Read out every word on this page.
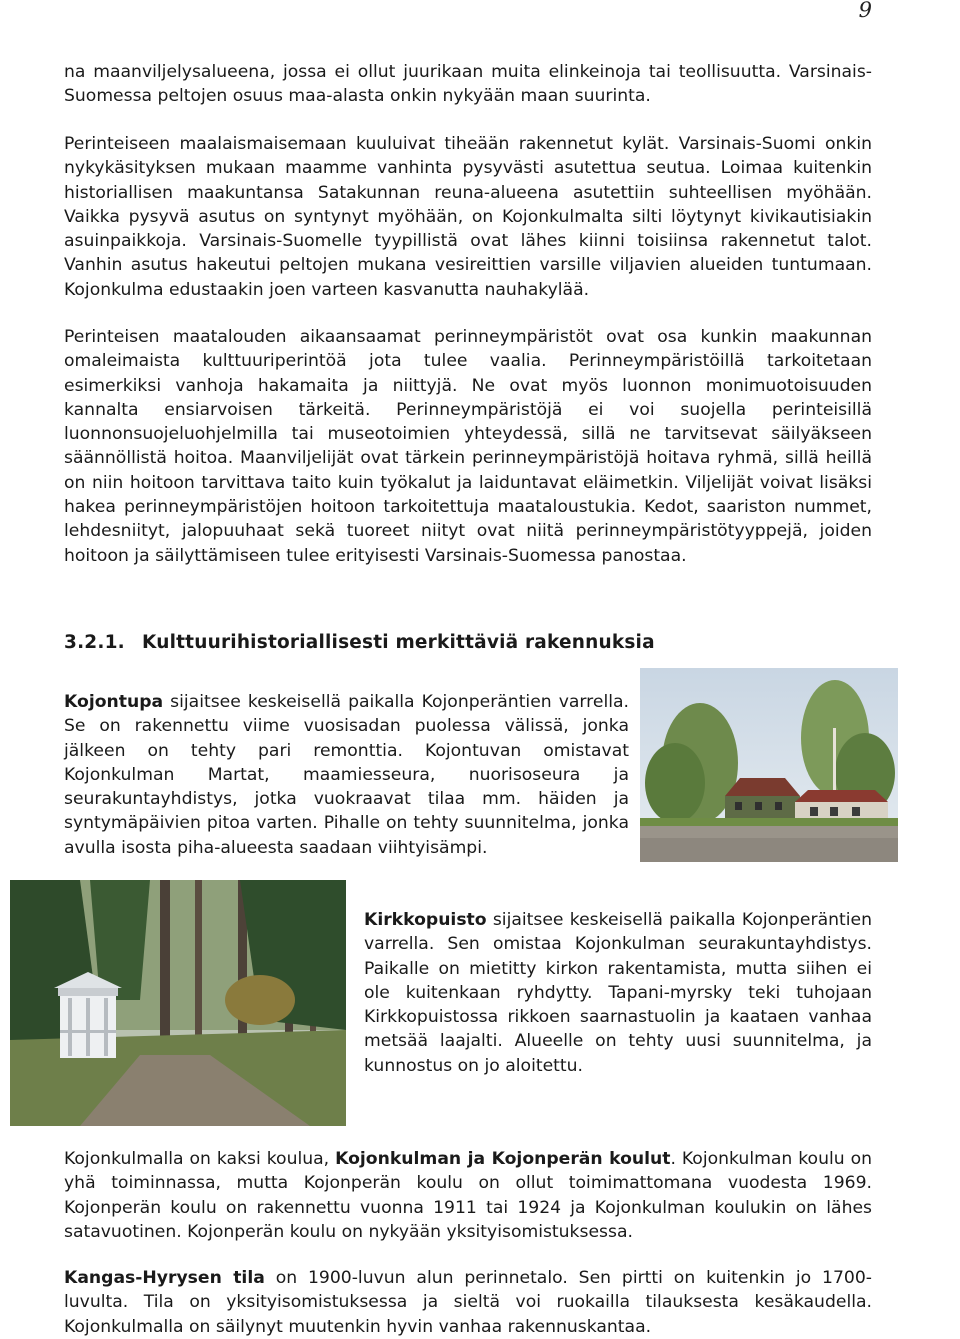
9

na maanviljelysalueena, jossa ei ollut juurikaan muita elinkeinoja tai teollisuutta. Varsinais-Suomessa peltojen osuus maa-alasta onkin nykyään maan suurinta.

Perinteiseen maalaismaisemaan kuuluivat tiheään rakennetut kylät. Varsinais-Suomi onkin nykykäsityksen mukaan maamme vanhinta pysyvästi asutettua seutua. Loimaa kuitenkin historiallisen maakuntansa Satakunnan reuna-alueena asutettiin suhteellisen myöhään. Vaikka pysyvä asutus on syntynyt myöhään, on Kojonkulmalta silti löytynyt kivikautisiakin asuinpaikkoja. Varsinais-Suomelle tyypillistä ovat lähes kiinni toisiinsa rakennetut talot. Vanhin asutus hakeutui peltojen mukana vesireittien varsille viljavien alueiden tuntumaan. Kojonkulma edustaakin joen varteen kasvanutta nauhakylää.

Perinteisen maatalouden aikaansaamat perinneympäristöt ovat osa kunkin maakunnan omaleimaista kulttuuriperintöä jota tulee vaalia. Perinneympäristöillä tarkoitetaan esimerkiksi vanhoja hakamaita ja niittyjä. Ne ovat myös luonnon monimuotoisuuden kannalta ensiarvoisen tärkeitä. Perinneympäristöjä ei voi suojella perinteisillä luonnonsuojeluohjelmilla tai museotoimien yhteydessä, sillä ne tarvitsevat säilyäkseen säännöllistä hoitoa. Maanviljelijät ovat tärkein perinneympäristöjä hoitava ryhmä, sillä heillä on niin hoitoon tarvittava taito kuin työkalut ja laiduntavat eläimetkin. Viljelijät voivat lisäksi hakea perinneympäristöjen hoitoon tarkoitettuja maataloustukia. Kedot, saariston nummet, lehdesniityt, jalopuuhaat sekä tuoreet niityt ovat niitä perinneympäristötyyppejä, joiden hoitoon ja säilyttämiseen tulee erityisesti Varsinais-Suomessa panostaa.

3.2.1. Kulttuurihistoriallisesti merkittäviä rakennuksia

Kojontupa sijaitsee keskeisellä paikalla Kojonperäntien varrella. Se on rakennettu viime vuosisadan puolessa välissä, jonka jälkeen on tehty pari remonttia. Kojontuvan omistavat Kojonkulman Martat, maamiesseura, nuorisoseura ja seurakuntayhdistys, jotka vuokraavat tilaa mm. häiden ja syntymäpäivien pitoa varten. Pihalle on tehty suunnitelma, jonka avulla isosta piha-alueesta saadaan viihtyisämpi.

Kirkkopuisto sijaitsee keskeisellä paikalla Kojonperäntien varrella. Sen omistaa Kojonkulman seurakuntayhdistys. Paikalle on mietitty kirkon rakentamista, mutta siihen ei ole kuitenkaan ryhdytty. Tapani-myrsky teki tuhojaan Kirkkopuistossa rikkoen saarnastuolin ja kaataen vanhaa metsää laajalti. Alueelle on tehty uusi suunnitelma, ja kunnostus on jo aloitettu.

Kojonkulmalla on kaksi koulua, Kojonkulman ja Kojonperän koulut. Kojonkulman koulu on yhä toiminnassa, mutta Kojonperän koulu on ollut toimimattomana vuodesta 1969. Kojonperän koulu on rakennettu vuonna 1911 tai 1924 ja Kojonkulman koulukin on lähes satavuotinen. Kojonperän koulu on nykyään yksityisomistuksessa.

Kangas-Hyrysen tila on 1900-luvun alun perinnetalo. Sen pirtti on kuitenkin jo 1700-luvulta. Tila on yksityisomistuksessa ja sieltä voi ruokailla tilauksesta kesäkaudella. Kojonkulmalla on säilynyt muutenkin hyvin vanhaa rakennuskantaa.
